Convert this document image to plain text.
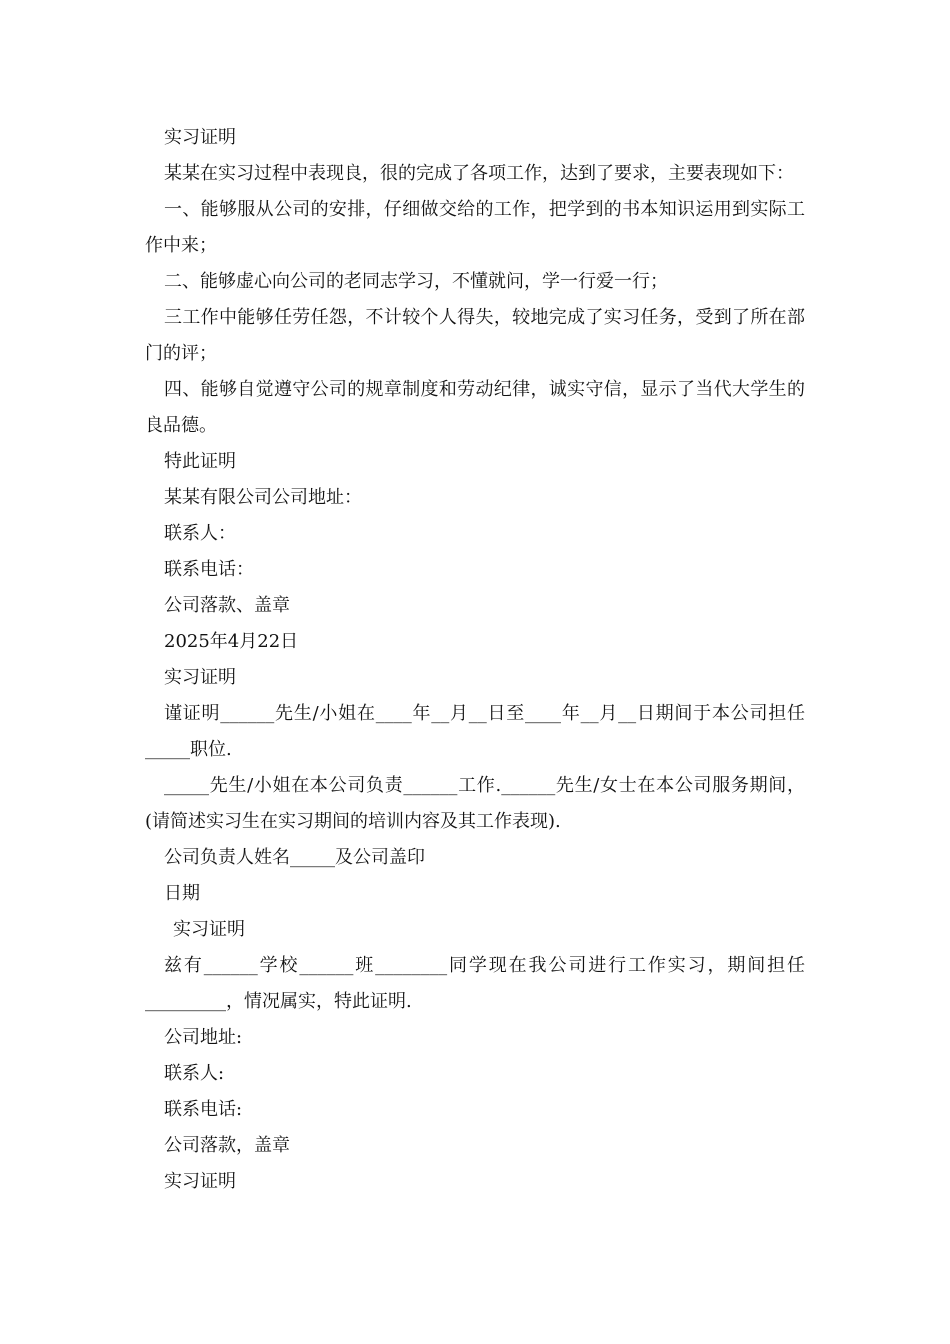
实习证明

某某在实习过程中表现良，很的完成了各项工作，达到了要求，主要表现如下：

一、能够服从公司的安排，仔细做交给的工作，把学到的书本知识运用到实际工作中来；

二、能够虚心向公司的老同志学习，不懂就问，学一行爱一行；

三工作中能够任劳任怨，不计较个人得失，较地完成了实习任务，受到了所在部门的评；

四、能够自觉遵守公司的规章制度和劳动纪律，诚实守信，显示了当代大学生的良品德。

特此证明

某某有限公司公司地址：

联系人：

联系电话：

公司落款、盖章

2025年4月22日

实习证明

谨证明______先生/小姐在____年__月__日至____年__月__日期间于本公司担任_____职位.

_____先生/小姐在本公司负责______工作.______先生/女士在本公司服务期间，(请简述实习生在实习期间的培训内容及其工作表现).

公司负责人姓名_____及公司盖印

日期

实习证明

兹有______学校______班________同学现在我公司进行工作实习，期间担任_________，情况属实，特此证明.

公司地址:

联系人:

联系电话:

公司落款，盖章

实习证明
